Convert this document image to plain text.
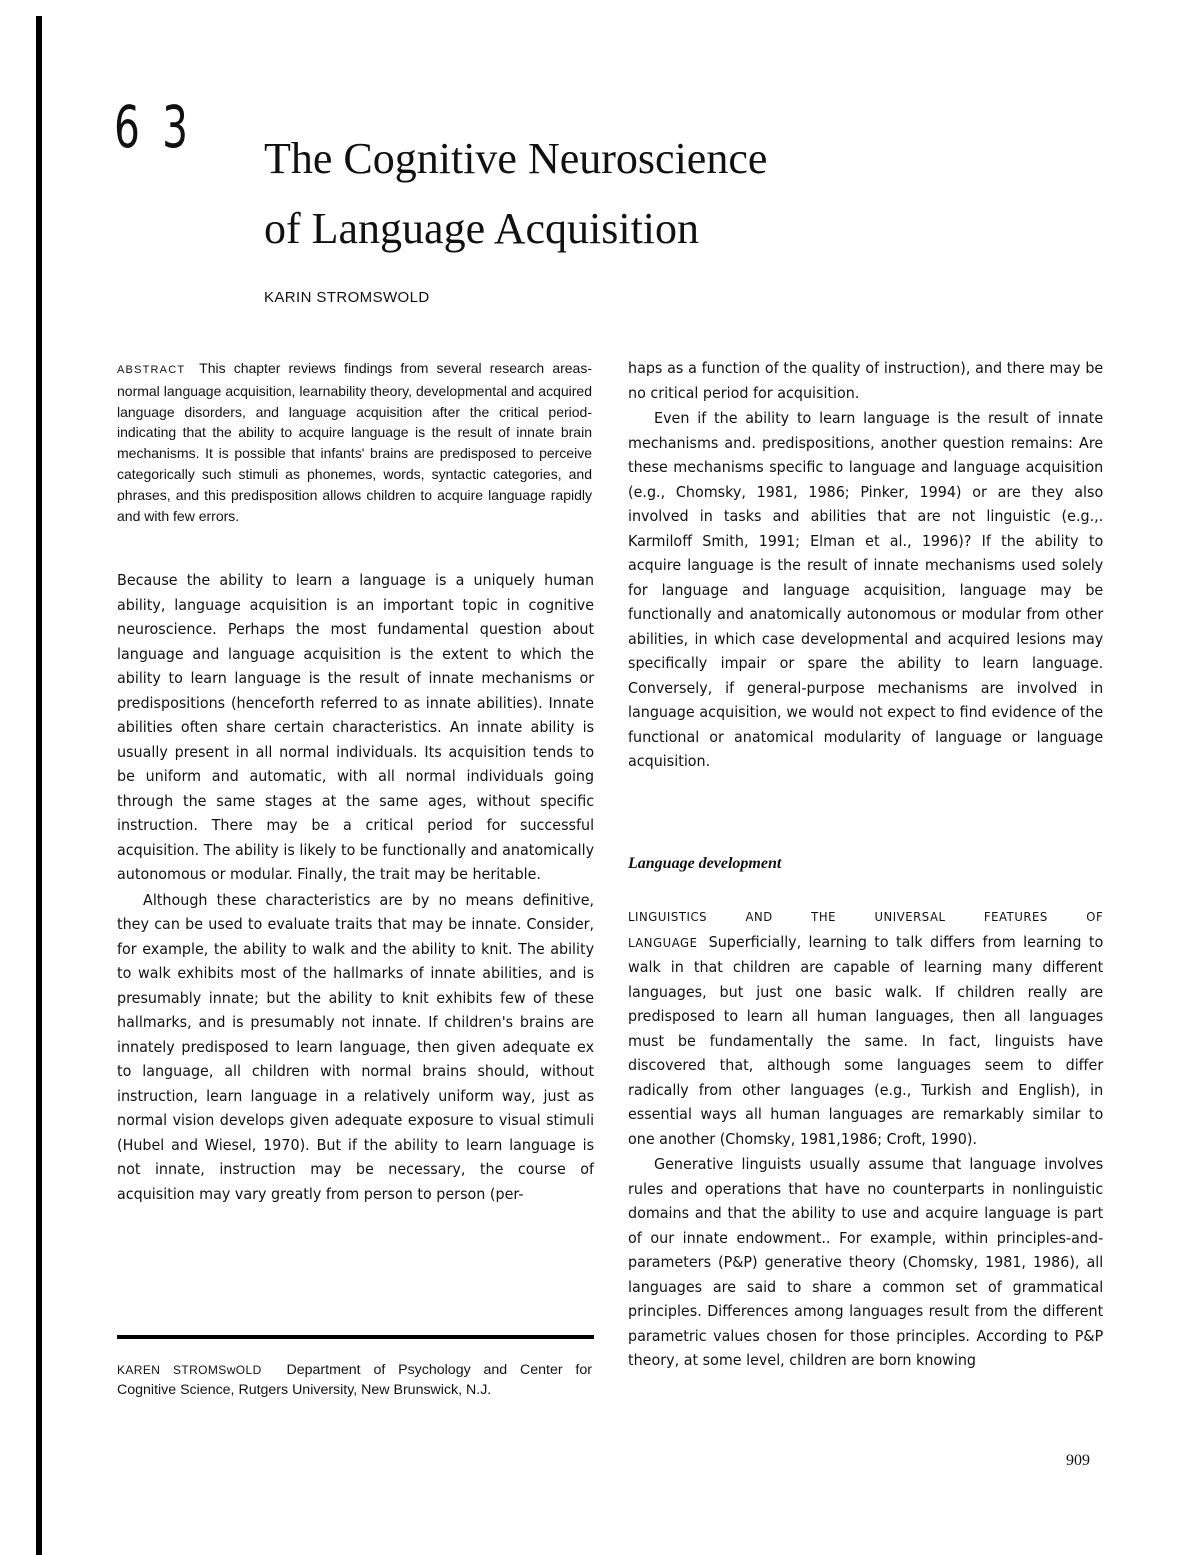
6 3 The Cognitive Neuroscience
of Language Acquisition
KARIN STROMSWOLD
ABSTRACT This chapter reviews findings from several research areas-normal language acquisition, learnability theory, developmental and acquired language disorders, and language acquisition after the critical period-indicating that the ability to acquire language is the result of innate brain mechanisms. It is possible that infants' brains are predisposed to perceive categorically such stimuli as phonemes, words, syntactic categories, and phrases, and this predisposition allows children to acquire language rapidly and with few errors.

Because the ability to learn a language is a uniquely human ability, language acquisition is an important topic in cognitive neuroscience. Perhaps the most fundamental question about language and language acquisition is the extent to which the ability to learn language is the result of innate mechanisms or predispositions (henceforth referred to as innate abilities). Innate abilities often share certain characteristics. An innate ability is usually present in all normal individuals. Its acquisition tends to be uniform and automatic, with all normal individuals going through the same stages at the same ages, without specific instruction. There may be a critical period for successful acquisition. The ability is likely to be functionally and anatomically autonomous or modular. Finally, the trait may be heritable.

Although these characteristics are by no means definitive, they can be used to evaluate traits that may be innate. Consider, for example, the ability to walk and the ability to knit. The ability to walk exhibits most of the hallmarks of innate abilities, and is presumably innate; but the ability to knit exhibits few of these hallmarks, and is presumably not innate. If children's brains are innately predisposed to learn language, then given adequate ex to language, all children with normal brains should, without instruction, learn language in a relatively uniform way, just as normal vision develops given adequate exposure to visual stimuli (Hubel and Wiesel, 1970). But if the ability to learn language is not innate, instruction may be necessary, the course of acquisition may vary greatly from person to person (per-

haps as a function of the quality of instruction), and there may be no critical period for acquisition.

Even if the ability to learn language is the result of innate mechanisms and. predispositions, another question remains: Are these mechanisms specific to language and language acquisition (e.g., Chomsky, 1981, 1986; Pinker, 1994) or are they also involved in tasks and abilities that are not linguistic (e.g.,. Karmiloff Smith, 1991; Elman et al., 1996)? If the ability to acquire language is the result of innate mechanisms used solely for language and language acquisition, language may be functionally and anatomically autonomous or modular from other abilities, in which case developmental and acquired lesions may specifically impair or spare the ability to learn language. Conversely, if general-purpose mechanisms are involved in language acquisition, we would not expect to find evidence of the functional or anatomical modularity of language or language acquisition.

Language development

LINGUISTICS AND THE UNIVERSAL FEATURES OF LANGUAGE Superficially, learning to talk differs from learning to walk in that children are capable of learning many different languages, but just one basic walk. If children really are predisposed to learn all human languages, then all languages must be fundamentally the same. In fact, linguists have discovered that, although some languages seem to differ radically from other languages (e.g., Turkish and English), in essential ways all human languages are remarkably similar to one another (Chomsky, 1981,1986; Croft, 1990).

Generative linguists usually assume that language involves rules and operations that have no counterparts in nonlinguistic domains and that the ability to use and acquire language is part of our innate endowment.. For example, within principles-and-parameters (P&P) generative theory (Chomsky, 1981, 1986), all languages are said to share a common set of grammatical principles. Differences among languages result from the different parametric values chosen for those principles. According to P&P theory, at some level, children are born knowing

KAREN STROMSwOLD Department of Psychology and Center for Cognitive Science, Rutgers University, New Brunswick, N.J.
909
